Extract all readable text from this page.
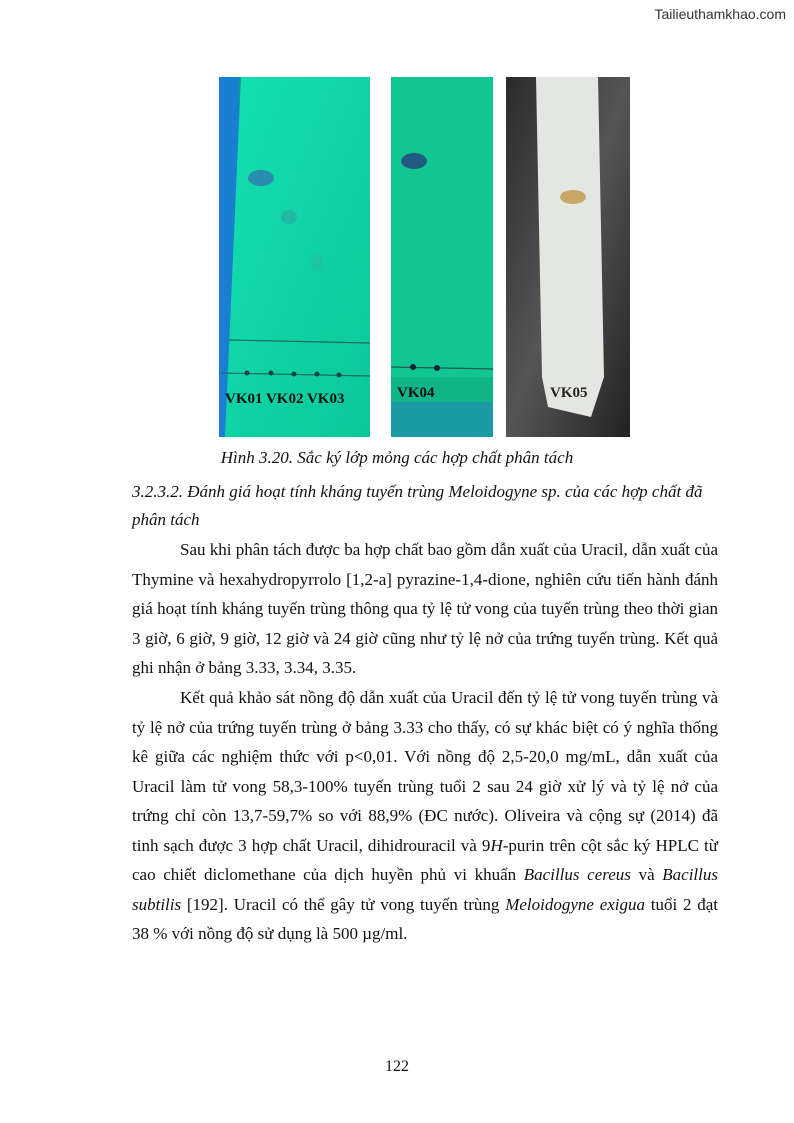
Tailieuthamkhao.com
VK01 VK02 VK03	VK04	VK05
Hình 3.20. Sắc ký lớp mỏng các hợp chất phân tách
3.2.3.2. Đánh giá hoạt tính kháng tuyến trùng Meloidogyne sp. của các hợp chất đã phân tách
Sau khi phân tách được ba hợp chất bao gồm dẫn xuất của Uracil, dẫn xuất của Thymine và hexahydropyrrolo [1,2-a] pyrazine-1,4-dione, nghiên cứu tiến hành đánh giá hoạt tính kháng tuyến trùng thông qua tỷ lệ tử vong của tuyến trùng theo thời gian 3 giờ, 6 giờ, 9 giờ, 12 giờ và 24 giờ cũng như tỷ lệ nở của trứng tuyến trùng. Kết quả ghi nhận ở bảng 3.33, 3.34, 3.35.
Kết quả khảo sát nồng độ dẫn xuất của Uracil đến tỷ lệ tử vong tuyến trùng và tỷ lệ nở của trứng tuyến trùng ở bảng 3.33 cho thấy, có sự khác biệt có ý nghĩa thống kê giữa các nghiệm thức với p<0,01. Với nồng độ 2,5-20,0 mg/mL, dẫn xuất của Uracil làm tử vong 58,3-100% tuyến trùng tuổi 2 sau 24 giờ xử lý và tỷ lệ nở của trứng chỉ còn 13,7-59,7% so với 88,9% (ĐC nước). Oliveira và cộng sự (2014) đã tinh sạch được 3 hợp chất Uracil, dihidrouracil và 9H-purin trên cột sắc ký HPLC từ cao chiết diclomethane của dịch huyền phủ vi khuẩn Bacillus cereus và Bacillus subtilis [192]. Uracil có thể gây tử vong tuyến trùng Meloidogyne exigua tuổi 2 đạt 38 % với nồng độ sử dụng là 500 µg/ml.
122
